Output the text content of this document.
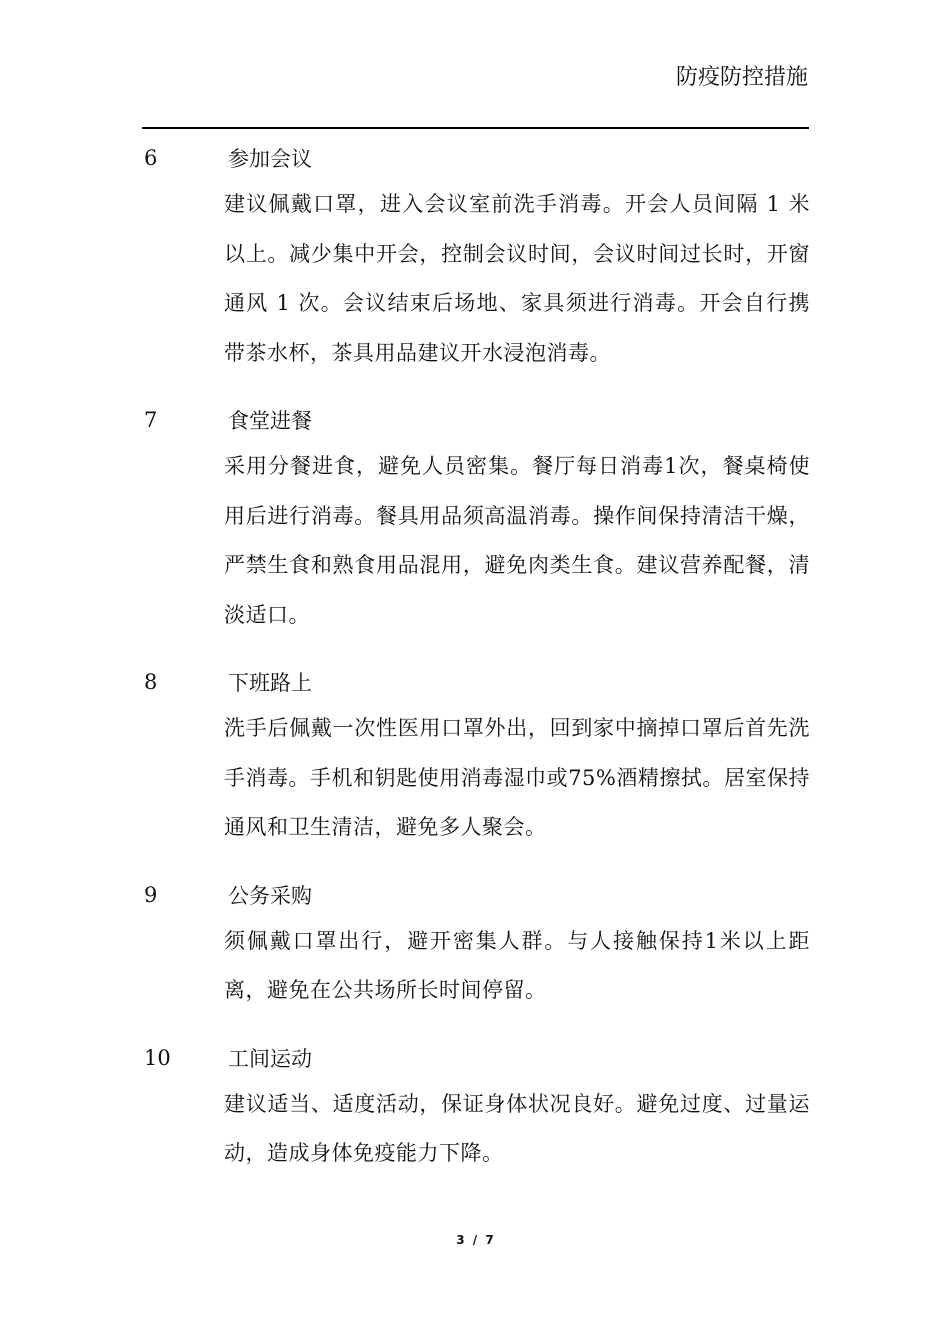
防疫防控措施
6	参加会议
建议佩戴口罩，进入会议室前洗手消毒。开会人员间隔 1 米以上。减少集中开会，控制会议时间，会议时间过长时，开窗通风 1 次。会议结束后场地、家具须进行消毒。开会自行携带茶水杯，茶具用品建议开水浸泡消毒。
7	食堂进餐
采用分餐进食，避免人员密集。餐厅每日消毒1次，餐桌椅使用后进行消毒。餐具用品须高温消毒。操作间保持清洁干燥，严禁生食和熟食用品混用，避免肉类生食。建议营养配餐，清淡适口。
8	下班路上
洗手后佩戴一次性医用口罩外出，回到家中摘掉口罩后首先洗手消毒。手机和钥匙使用消毒湿巾或75%酒精擦拭。居室保持通风和卫生清洁，避免多人聚会。
9	公务采购
须佩戴口罩出行，避开密集人群。与人接触保持1米以上距离，避免在公共场所长时间停留。
10	工间运动
建议适当、适度活动，保证身体状况良好。避免过度、过量运动，造成身体免疫能力下降。
3 / 7
